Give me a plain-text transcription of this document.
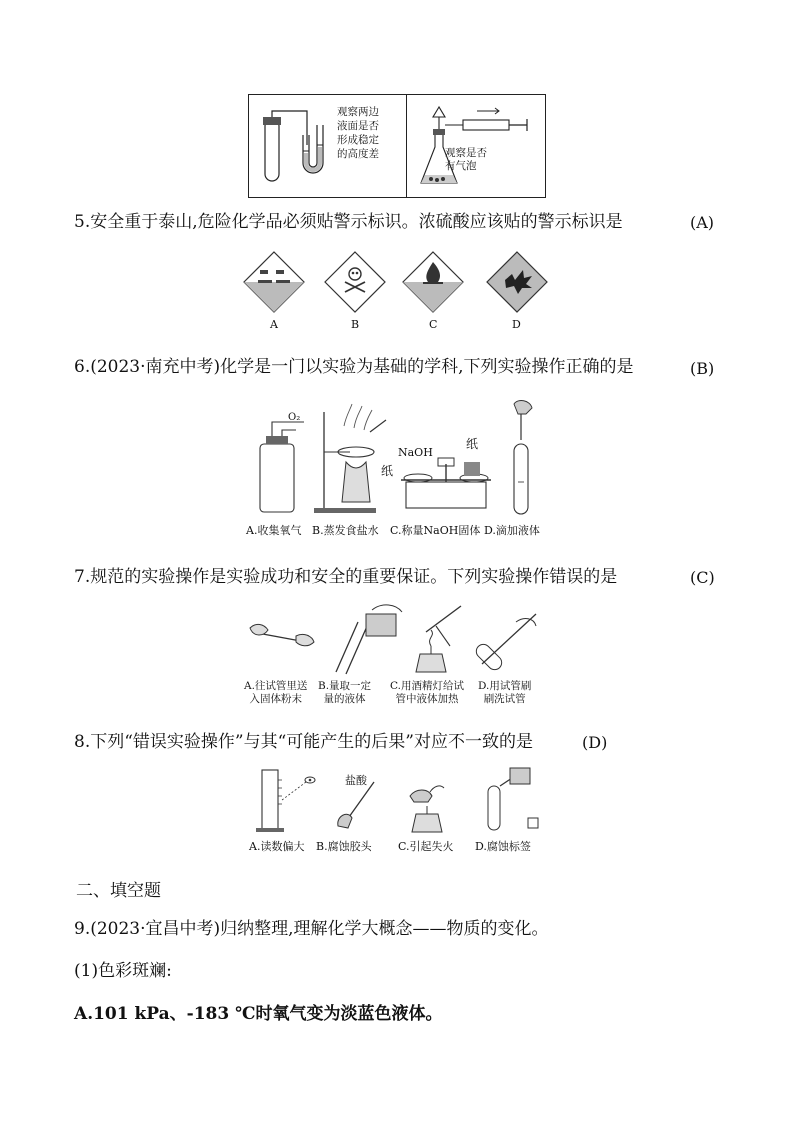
观察两边
液面是否
形成稳定
的高度差	观察是否
有气泡
5.安全重于泰山,危险化学品必须贴警示标识。浓硫酸应该贴的警示标识是	(A)
A	B	C	D
6.(2023·南充中考)化学是一门以实验为基础的学科,下列实验操作正确的是	(B)
O₂
NaOH
纸
纸
A.收集氧气 B.蒸发食盐水 C.称量NaOH固体 D.滴加液体
7.规范的实验操作是实验成功和安全的重要保证。下列实验操作错误的是	(C)
A.往试管里送
入固体粉末
B.量取一定
量的液体
C.用酒精灯给试
管中液体加热
D.用试管刷
刷洗试管
8.下列“错误实验操作”与其“可能产生的后果”对应不一致的是	(D)
盐酸
A.读数偏大 B.腐蚀胶头 C.引起失火 D.腐蚀标签
二、填空题
9.(2023·宜昌中考)归纳整理,理解化学大概念——物质的变化。
(1)色彩斑斓:
A.101 kPa、-183 ℃时氧气变为淡蓝色液体。
